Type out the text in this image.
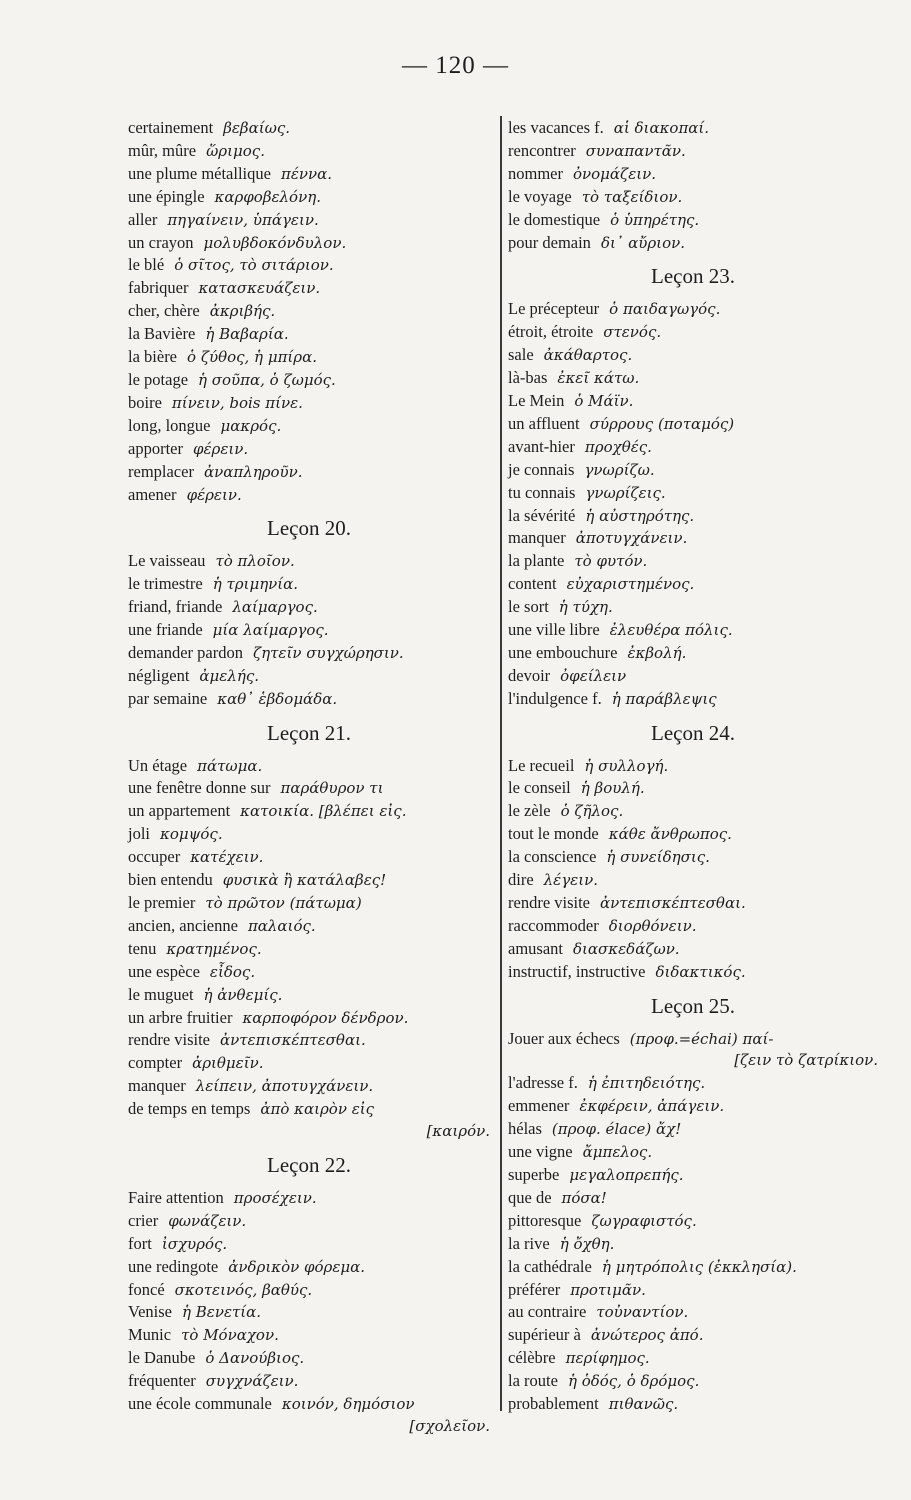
— 120 —
certainement βεβαίως.
mûr, mûre ὥριμος.
une plume métallique πέννα.
une épingle καρφοβελόνη.
aller πηγαίνειν, ὑπάγειν.
un crayon μολυβδοκόνδυλον.
le blé ὁ σῖτος, τὸ σιτάριον.
fabriquer κατασκευάζειν.
cher, chère ἀκριβής.
la Bavière ἡ Βαβαρία.
la bière ὁ ζύθος, ἡ μπίρα.
le potage ἡ σοῦπα, ὁ ζωμός.
boire πίνειν, bois πίνε.
long, longue μακρός.
apporter φέρειν.
remplacer ἀναπληροῦν.
amener φέρειν.
Leçon 20.
Le vaisseau τὸ πλοῖον.
le trimestre ἡ τριμηνία.
friand, friande λαίμαργος.
une friande μία λαίμαργος.
demander pardon ζητεῖν συγχώρησιν.
négligent ἀμελής.
par semaine καθ᾽ ἑβδομάδα.
Leçon 21.
Un étage πάτωμα.
une fenêtre donne sur παράθυρον τι
un appartement κατοικία. [βλέπει εἰς.
joli κομψός.
occuper κατέχειν.
bien entendu φυσικὰ ἢ κατάλαβες!
le premier τὸ πρῶτον (πάτωμα)
ancien, ancienne παλαιός.
tenu κρατημένος.
une espèce εἶδος.
le muguet ἡ ἀνθεμίς.
un arbre fruitier καρποφόρον δένδρον.
rendre visite ἀντεπισκέπτεσθαι.
compter ἀριθμεῖν.
manquer λείπειν, ἀποτυγχάνειν.
de temps en temps ἀπὸ καιρὸν εἰς
[καιρόν.
Leçon 22.
Faire attention προσέχειν.
crier φωνάζειν.
fort ἰσχυρός.
une redingote ἀνδρικὸν φόρεμα.
foncé σκοτεινός, βαθύς.
Venise ἡ Βενετία.
Munic τὸ Μόναχον.
le Danube ὁ Δανούβιος.
fréquenter συγχνάζειν.
une école communale κοινόν, δημόσιον
[σχολεῖον.
les vacances f. αἱ διακοπαί.
rencontrer συναπαντᾶν.
nommer ὀνομάζειν.
le voyage τὸ ταξείδιον.
le domestique ὁ ὑπηρέτης.
pour demain δι᾽ αὔριον.
Leçon 23.
Le précepteur ὁ παιδαγωγός.
étroit, étroite στενός.
sale ἀκάθαρτος.
là-bas ἐκεῖ κάτω.
Le Mein ὁ Μάϊν.
un affluent σύρρους (ποταμός)
avant-hier προχθές.
je connais γνωρίζω.
tu connais γνωρίζεις.
la sévérité ἡ αὐστηρότης.
manquer ἀποτυγχάνειν.
la plante τὸ φυτόν.
content εὐχαριστημένος.
le sort ἡ τύχη.
une ville libre ἐλευθέρα πόλις.
une embouchure ἐκβολή.
devoir ὀφείλειν
l'indulgence f. ἡ παράβλεψις
Leçon 24.
Le recueil ἡ συλλογή.
le conseil ἡ βουλή.
le zèle ὁ ζῆλος.
tout le monde κάθε ἄνθρωπος.
la conscience ἡ συνείδησις.
dire λέγειν.
rendre visite ἀντεπισκέπτεσθαι.
raccommoder διορθόνειν.
amusant διασκεδάζων.
instructif, instructive διδακτικός.
Leçon 25.
Jouer aux échecs (προφ.=échai) παί-
[ζειν τὸ ζατρίκιον.
l'adresse f. ἡ ἐπιτηδειότης.
emmener ἐκφέρειν, ἀπάγειν.
hélas (προφ. élace) ἄχ!
une vigne ἄμπελος.
superbe μεγαλοπρεπής.
que de πόσα!
pittoresque ζωγραφιστός.
la rive ἡ ὄχθη.
la cathédrale ἡ μητρόπολις (ἐκκλησία).
préférer προτιμᾶν.
au contraire τοὐναντίον.
supérieur à ἀνώτερος ἀπό.
célèbre περίφημος.
la route ἡ ὁδός, ὁ δρόμος.
probablement πιθανῶς.
